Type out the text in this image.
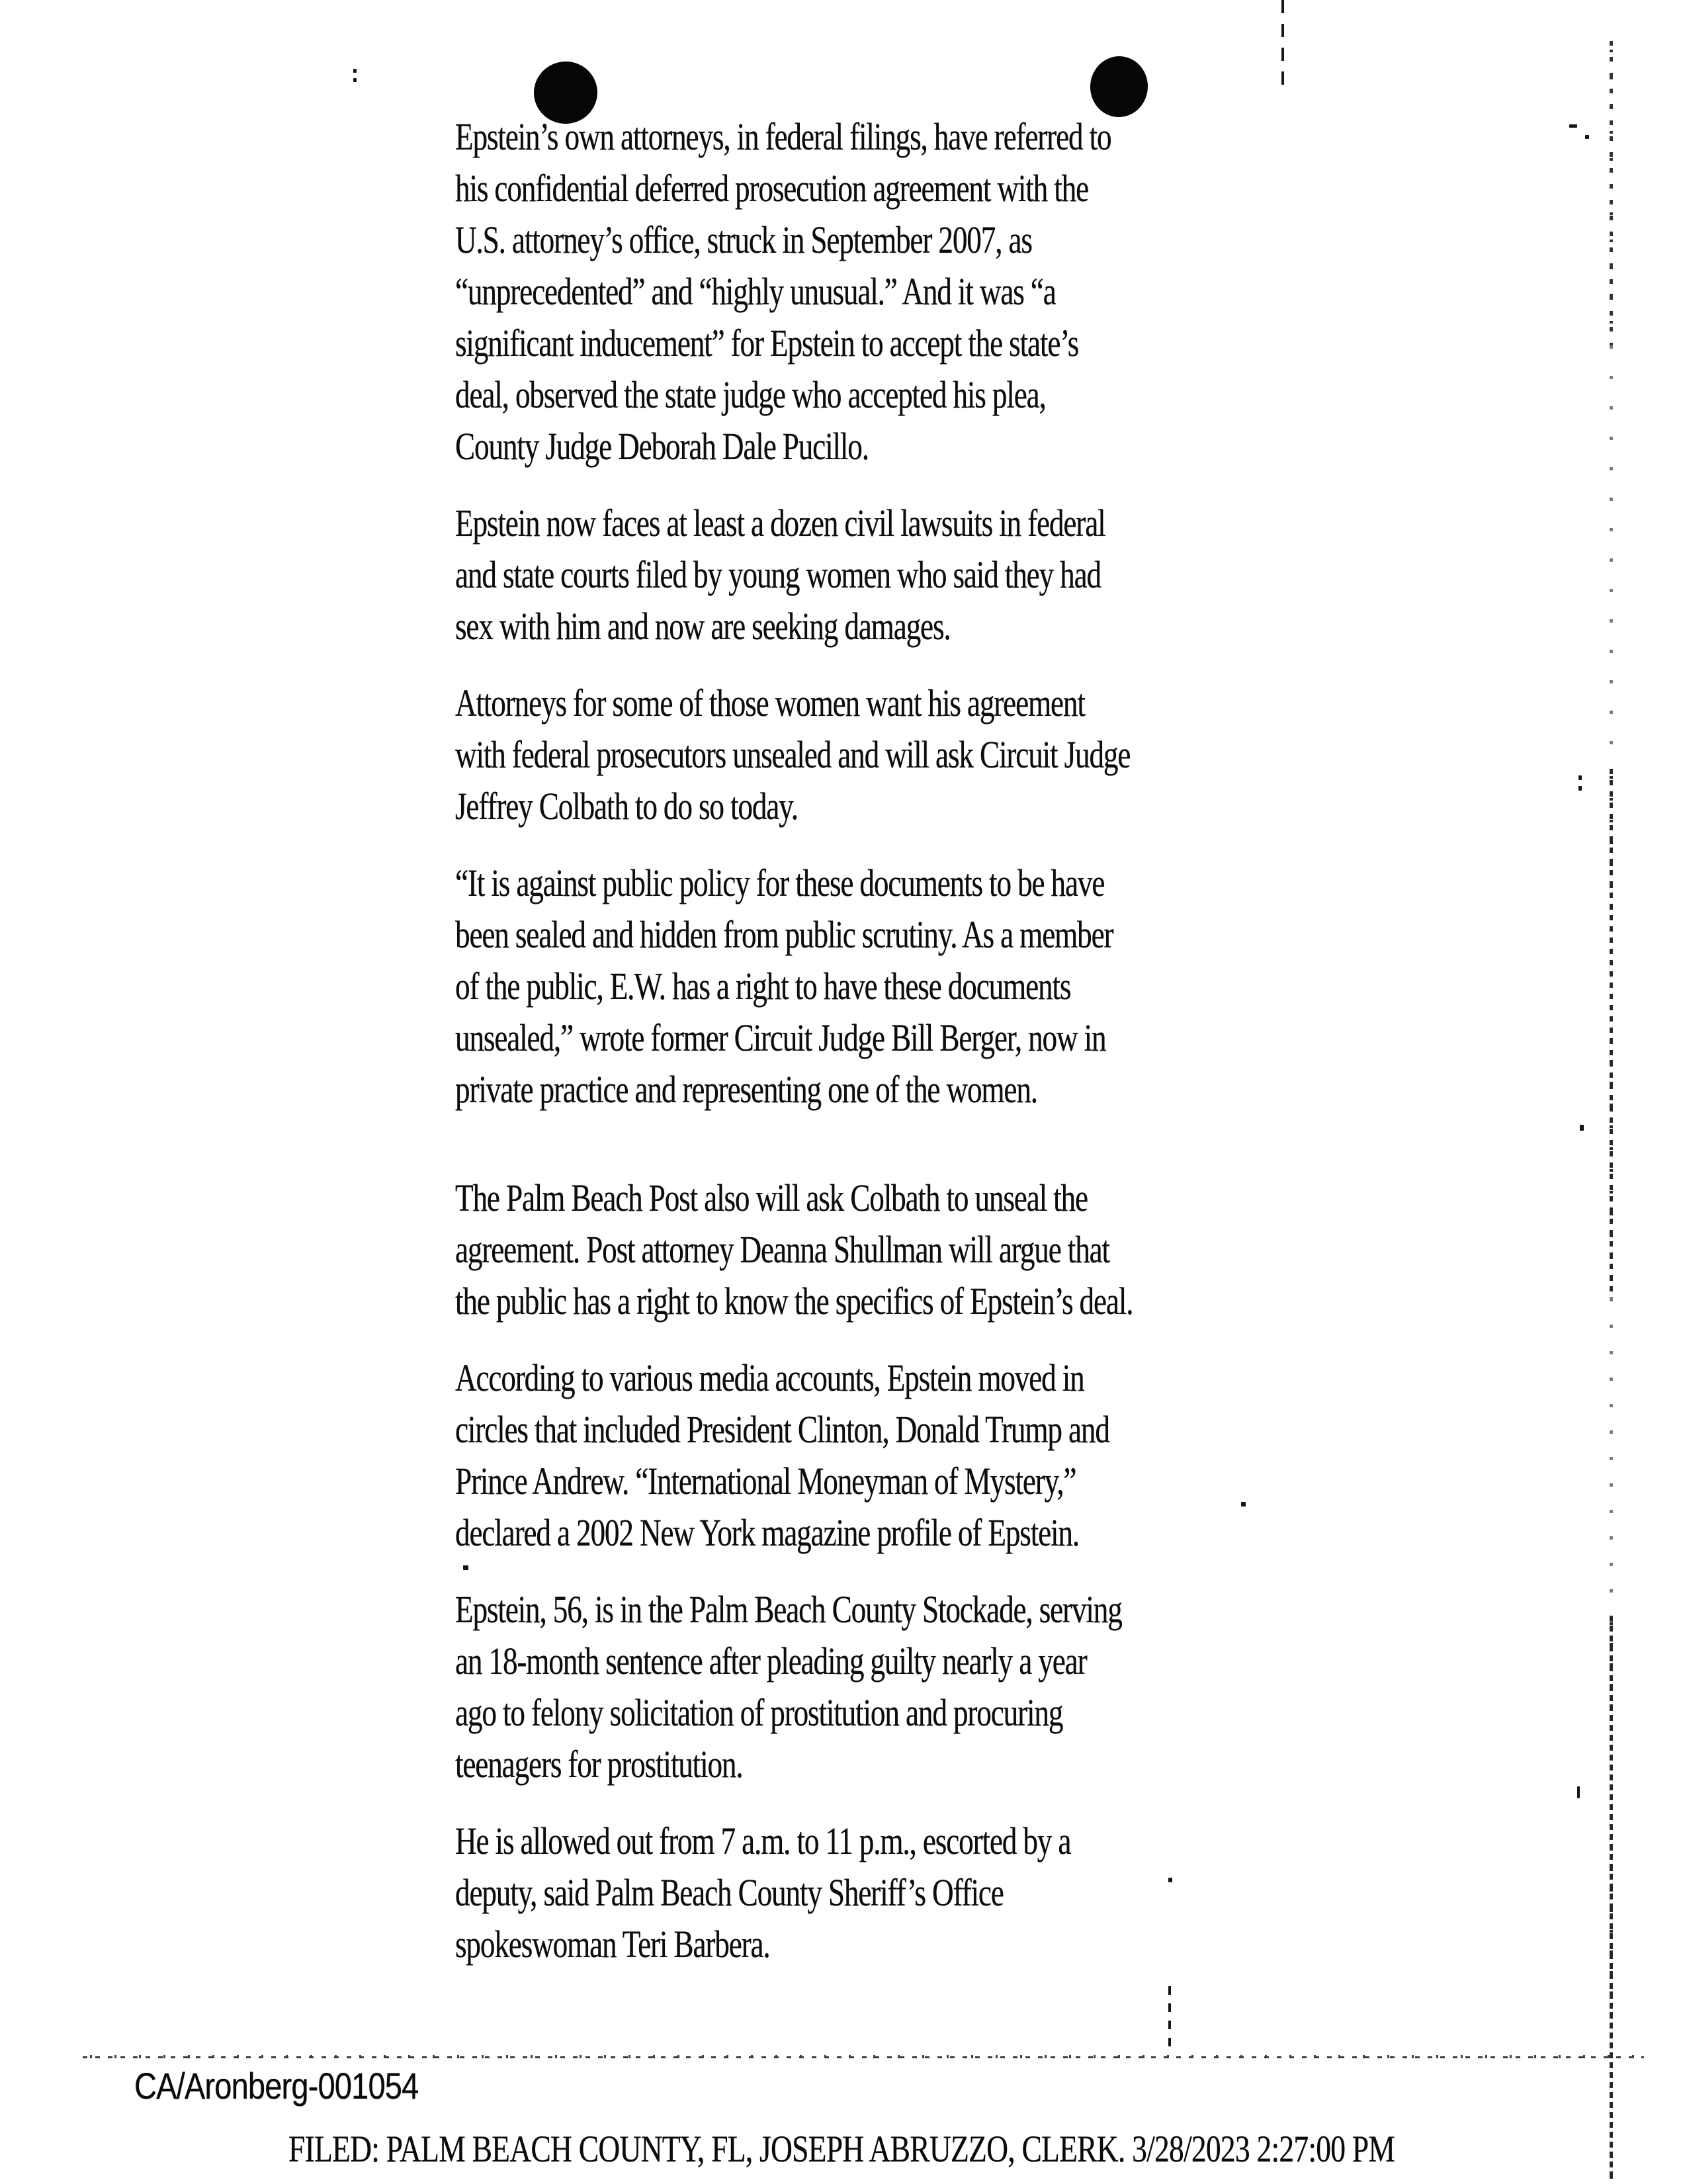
Epstein’s own attorneys, in federal filings, have referred to
his confidential deferred prosecution agreement with the
U.S. attorney’s office, struck in September 2007, as
“unprecedented” and “highly unusual.” And it was “a
significant inducement” for Epstein to accept the state’s
deal, observed the state judge who accepted his plea,
County Judge Deborah Dale Pucillo.

Epstein now faces at least a dozen civil lawsuits in federal
and state courts filed by young women who said they had
sex with him and now are seeking damages.

Attorneys for some of those women want his agreement
with federal prosecutors unsealed and will ask Circuit Judge
Jeffrey Colbath to do so today.

“It is against public policy for these documents to be have
been sealed and hidden from public scrutiny. As a member
of the public, E.W. has a right to have these documents
unsealed,” wrote former Circuit Judge Bill Berger, now in
private practice and representing one of the women.

The Palm Beach Post also will ask Colbath to unseal the
agreement. Post attorney Deanna Shullman will argue that
the public has a right to know the specifics of Epstein’s deal.

According to various media accounts, Epstein moved in
circles that included President Clinton, Donald Trump and
Prince Andrew. “International Moneyman of Mystery,”
declared a 2002 New York magazine profile of Epstein.

Epstein, 56, is in the Palm Beach County Stockade, serving
an 18-month sentence after pleading guilty nearly a year
ago to felony solicitation of prostitution and procuring
teenagers for prostitution.

He is allowed out from 7 a.m. to 11 p.m., escorted by a
deputy, said Palm Beach County Sheriff’s Office
spokeswoman Teri Barbera.

CA/Aronberg-001054
FILED: PALM BEACH COUNTY, FL, JOSEPH ABRUZZO, CLERK. 3/28/2023 2:27:00 PM
